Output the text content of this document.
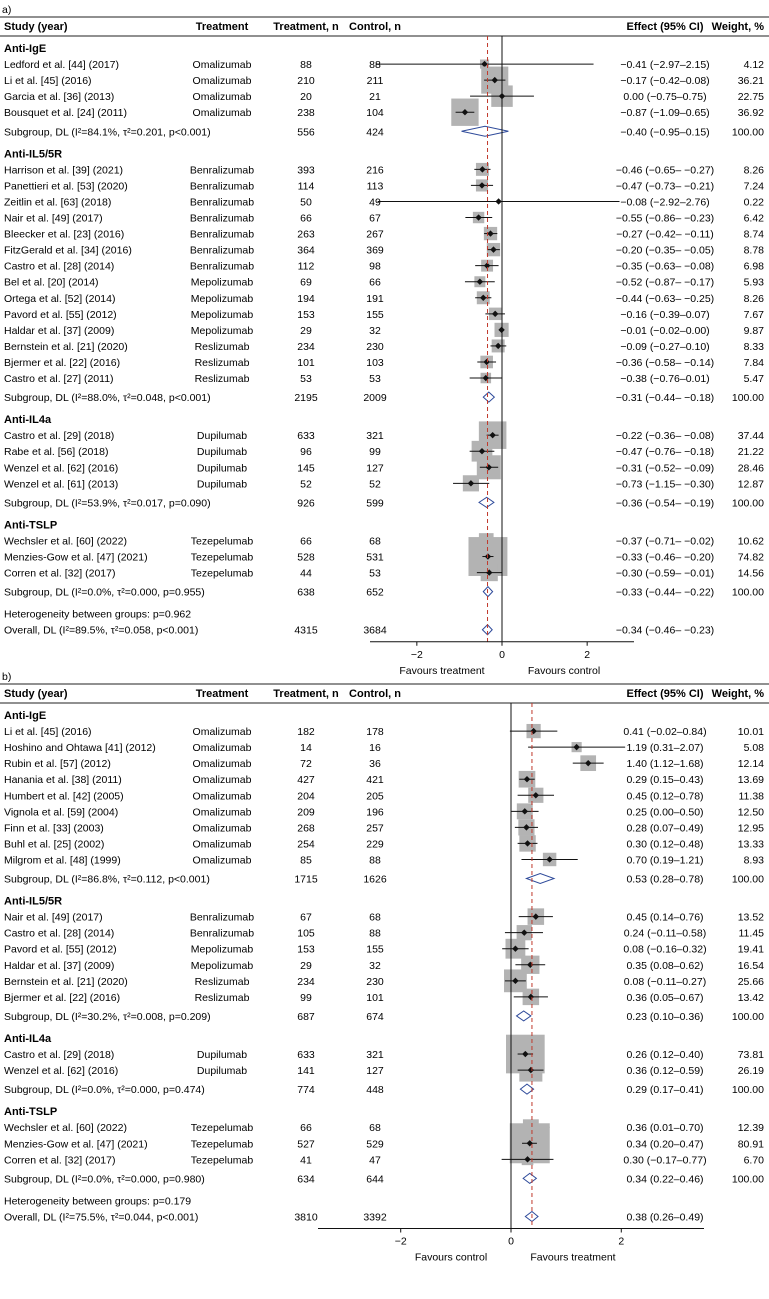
a)
Study (year)	Treatment Treatment, n Control, n	Effect (95% CI) Weight, %
Anti-IgE
Ledford et al. [44] (2017)	Omalizumab	88	88	−0.41 (−2.97–2.15)	4.12
Li et al. [45] (2016)	Omalizumab	210	211	−0.17 (−0.42–0.08)	36.21
Garcia et al. [36] (2013)	Omalizumab	20	21	0.00 (−0.75–0.75)	22.75
Bousquet et al. [24] (2011)	Omalizumab	238	104	−0.87 (−1.09–0.65)	36.92
Subgroup, DL (I²=84.1%, τ²=0.201, p<0.001)	556	424	−0.40 (−0.95–0.15) 100.00
Anti-IL5/5R
Harrison et al. [39] (2021)	Benralizumab	393	216	−0.46 (−0.65– −0.27)	8.26
Panettieri et al. [53] (2020)	Benralizumab	114	113	−0.47 (−0.73– −0.21)	7.24
Zeitlin et al. [63] (2018)	Benralizumab	50	49	−0.08 (−2.92–2.76)	0.22
Nair et al. [49] (2017)	Benralizumab	66	67	−0.55 (−0.86– −0.23)	6.42
Bleecker et al. [23] (2016)	Benralizumab	263	267	−0.27 (−0.42– −0.11)	8.74
FitzGerald et al. [34] (2016)	Benralizumab	364	369	−0.20 (−0.35– −0.05)	8.78
Castro et al. [28] (2014)	Benralizumab	112	98	−0.35 (−0.63– −0.08)	6.98
Bel et al. [20] (2014)	Mepolizumab	69	66	−0.52 (−0.87– −0.17)	5.93
Ortega et al. [52] (2014)	Mepolizumab	194	191	−0.44 (−0.63– −0.25)	8.26
Pavord et al. [55] (2012)	Mepolizumab	153	155	−0.16 (−0.39–0.07)	7.67
Haldar et al. [37] (2009)	Mepolizumab	29	32	−0.01 (−0.02–0.00)	9.87
Bernstein et al. [21] (2020)	Reslizumab	234	230	−0.09 (−0.27–0.10)	8.33
Bjermer et al. [22] (2016)	Reslizumab	101	103	−0.36 (−0.58– −0.14)	7.84
Castro et al. [27] (2011)	Reslizumab	53	53	−0.38 (−0.76–0.01)	5.47
Subgroup, DL (I²=88.0%, τ²=0.048, p<0.001)	2195	2009	−0.31 (−0.44– −0.18) 100.00
Anti-IL4a
Castro et al. [29] (2018)	Dupilumab	633	321	−0.22 (−0.36– −0.08) 37.44
Rabe et al. [56] (2018)	Dupilumab	96	99	−0.47 (−0.76– −0.18) 21.22
Wenzel et al. [62] (2016)	Dupilumab	145	127	−0.31 (−0.52– −0.09) 28.46
Wenzel et al. [61] (2013)	Dupilumab	52	52	−0.73 (−1.15– −0.30) 12.87
Subgroup, DL (I²=53.9%, τ²=0.017, p=0.090)	926	599	−0.36 (−0.54– −0.19) 100.00
Anti-TSLP
Wechsler et al. [60] (2022)	Tezepelumab	66	68	−0.37 (−0.71– −0.02) 10.62
Menzies-Gow et al. [47] (2021)	Tezepelumab	528	531	−0.33 (−0.46– −0.20) 74.82
Corren et al. [32] (2017)	Tezepelumab	44	53	−0.30 (−0.59– −0.01) 14.56
Subgroup, DL (I²=0.0%, τ²=0.000, p=0.955)	638	652	−0.33 (−0.44– −0.22) 100.00
Heterogeneity between groups: p=0.962
Overall, DL (I²=89.5%, τ²=0.058, p<0.001)	4315	3684	−0.34 (−0.46– −0.23)
−2	0	2
Favours treatment	Favours control
b)
Study (year)	Treatment Treatment, n Control, n	Effect (95% CI) Weight, %
Anti-IgE
Li et al. [45] (2016)	Omalizumab	182	178	0.41 (−0.02–0.84)	10.01
Hoshino and Ohtawa [41] (2012)	Omalizumab	14	16	1.19 (0.31–2.07)	5.08
Rubin et al. [57] (2012)	Omalizumab	72	36	1.40 (1.12–1.68)	12.14
Hanania et al. [38] (2011)	Omalizumab	427	421	0.29 (0.15–0.43)	13.69
Humbert et al. [42] (2005)	Omalizumab	204	205	0.45 (0.12–0.78)	11.38
Vignola et al. [59] (2004)	Omalizumab	209	196	0.25 (0.00–0.50)	12.50
Finn et al. [33] (2003)	Omalizumab	268	257	0.28 (0.07–0.49)	12.95
Buhl et al. [25] (2002)	Omalizumab	254	229	0.30 (0.12–0.48)	13.33
Milgrom et al. [48] (1999)	Omalizumab	85	88	0.70 (0.19–1.21)	8.93
Subgroup, DL (I²=86.8%, τ²=0.112, p<0.001)	1715	1626	0.53 (0.28–0.78)	100.00
Anti-IL5/5R
Nair et al. [49] (2017)	Benralizumab	67	68	0.45 (0.14–0.76)	13.52
Castro et al. [28] (2014)	Benralizumab	105	88	0.24 (−0.11–0.58)	11.45
Pavord et al. [55] (2012)	Mepolizumab	153	155	0.08 (−0.16–0.32)	19.41
Haldar et al. [37] (2009)	Mepolizumab	29	32	0.35 (0.08–0.62)	16.54
Bernstein et al. [21] (2020)	Reslizumab	234	230	0.08 (−0.11–0.27)	25.66
Bjermer et al. [22] (2016)	Reslizumab	99	101	0.36 (0.05–0.67)	13.42
Subgroup, DL (I²=30.2%, τ²=0.008, p=0.209)	687	674	0.23 (0.10–0.36)	100.00
Anti-IL4a
Castro et al. [29] (2018)	Dupilumab	633	321	0.26 (0.12–0.40)	73.81
Wenzel et al. [62] (2016)	Dupilumab	141	127	0.36 (0.12–0.59)	26.19
Subgroup, DL (I²=0.0%, τ²=0.000, p=0.474)	774	448	0.29 (0.17–0.41)	100.00
Anti-TSLP
Wechsler et al. [60] (2022)	Tezepelumab	66	68	0.36 (0.01–0.70)	12.39
Menzies-Gow et al. [47] (2021)	Tezepelumab	527	529	0.34 (0.20–0.47)	80.91
Corren et al. [32] (2017)	Tezepelumab	41	47	0.30 (−0.17–0.77)	6.70
Subgroup, DL (I²=0.0%, τ²=0.000, p=0.980)	634	644	0.34 (0.22–0.46)	100.00
Heterogeneity between groups: p=0.179
Overall, DL (I²=75.5%, τ²=0.044, p<0.001)	3810	3392	0.38 (0.26–0.49)
−2	0	2
Favours control	Favours treatment
